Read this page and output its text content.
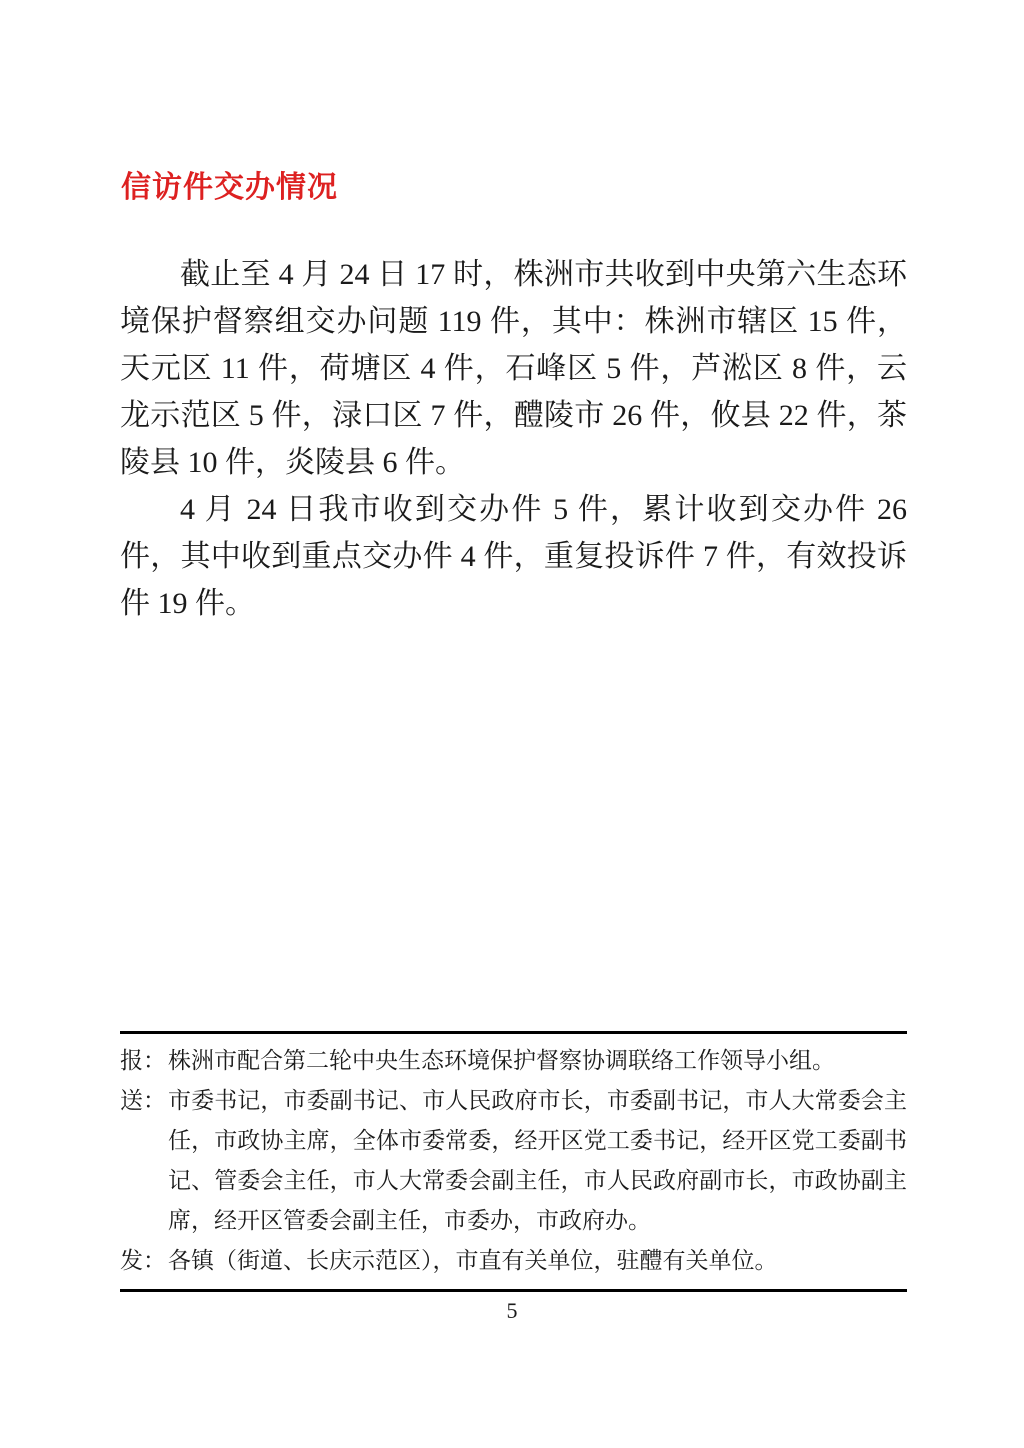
信访件交办情况

截止至 4 月 24 日 17 时，株洲市共收到中央第六生态环境保护督察组交办问题 119 件，其中：株洲市辖区 15 件，天元区 11 件，荷塘区 4 件，石峰区 5 件，芦淞区 8 件，云龙示范区 5 件，渌口区 7 件，醴陵市 26 件，攸县 22 件，茶陵县 10 件，炎陵县 6 件。

4 月 24 日我市收到交办件 5 件，累计收到交办件 26 件，其中收到重点交办件 4 件，重复投诉件 7 件，有效投诉件 19 件。

报： 株洲市配合第二轮中央生态环境保护督察协调联络工作领导小组。
送： 市委书记，市委副书记、市人民政府市长，市委副书记，市人大常委会主任，市政协主席，全体市委常委，经开区党工委书记，经开区党工委副书记、管委会主任，市人大常委会副主任，市人民政府副市长，市政协副主席，经开区管委会副主任，市委办，市政府办。
发： 各镇（街道、长庆示范区），市直有关单位，驻醴有关单位。
5
